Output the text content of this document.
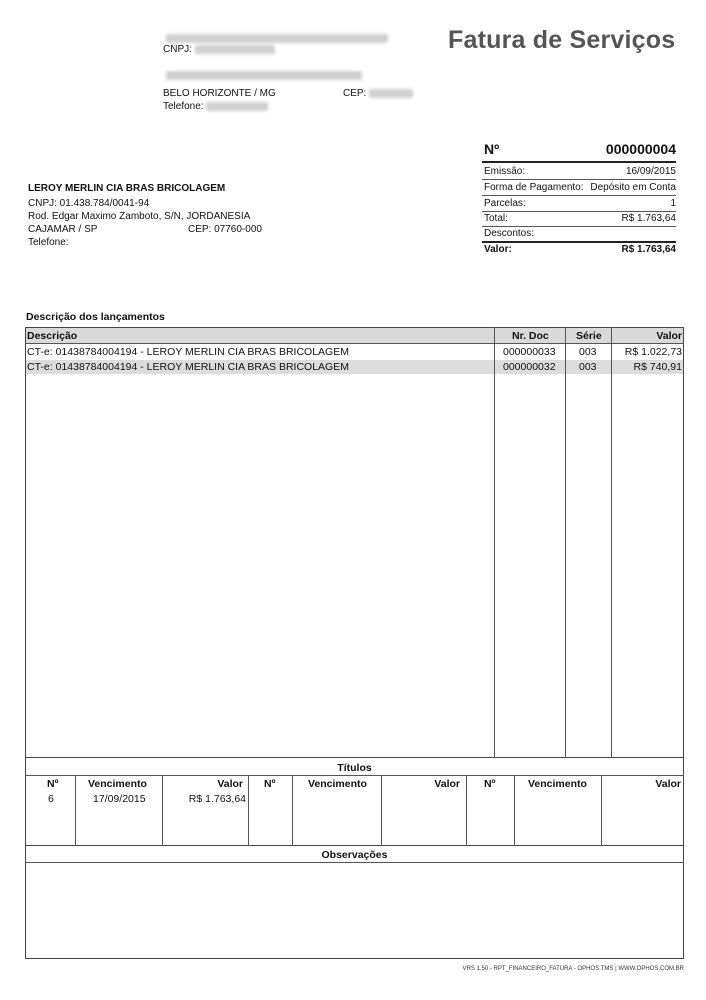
CNPJ:
BELO HORIZONTE / MG	CEP:
Telefone:
Fatura de Serviços
Nº	000000004
Emissão:	16/09/2015
Forma de Pagamento: Depósito em Conta
Parcelas:	1
Total:	R$ 1.763,64
Descontos:
Valor:	R$ 1.763,64
LEROY MERLIN CIA BRAS BRICOLAGEM
CNPJ: 01.438.784/0041-94
Rod. Edgar Maximo Zamboto, S/N, JORDANESIA
CAJAMAR / SP	CEP: 07760-000
Telefone:
Descrição dos lançamentos
Descrição	Nr. Doc	Série	Valor
CT-e: 01438784004194 - LEROY MERLIN CIA BRAS BRICOLAGEM	000000033 003	R$ 1.022,73
CT-e: 01438784004194 - LEROY MERLIN CIA BRAS BRICOLAGEM	000000032 003	R$ 740,91
Títulos
Nº	Vencimento	Valor Nº	Vencimento	Valor Nº	Vencimento	Valor
6	17/09/2015	R$ 1.763,64
Observações
VRS 1.50 - RPT_FINANCEIRO_FATURA - OPHOS.TMS | WWW.OPHOS.COM.BR
